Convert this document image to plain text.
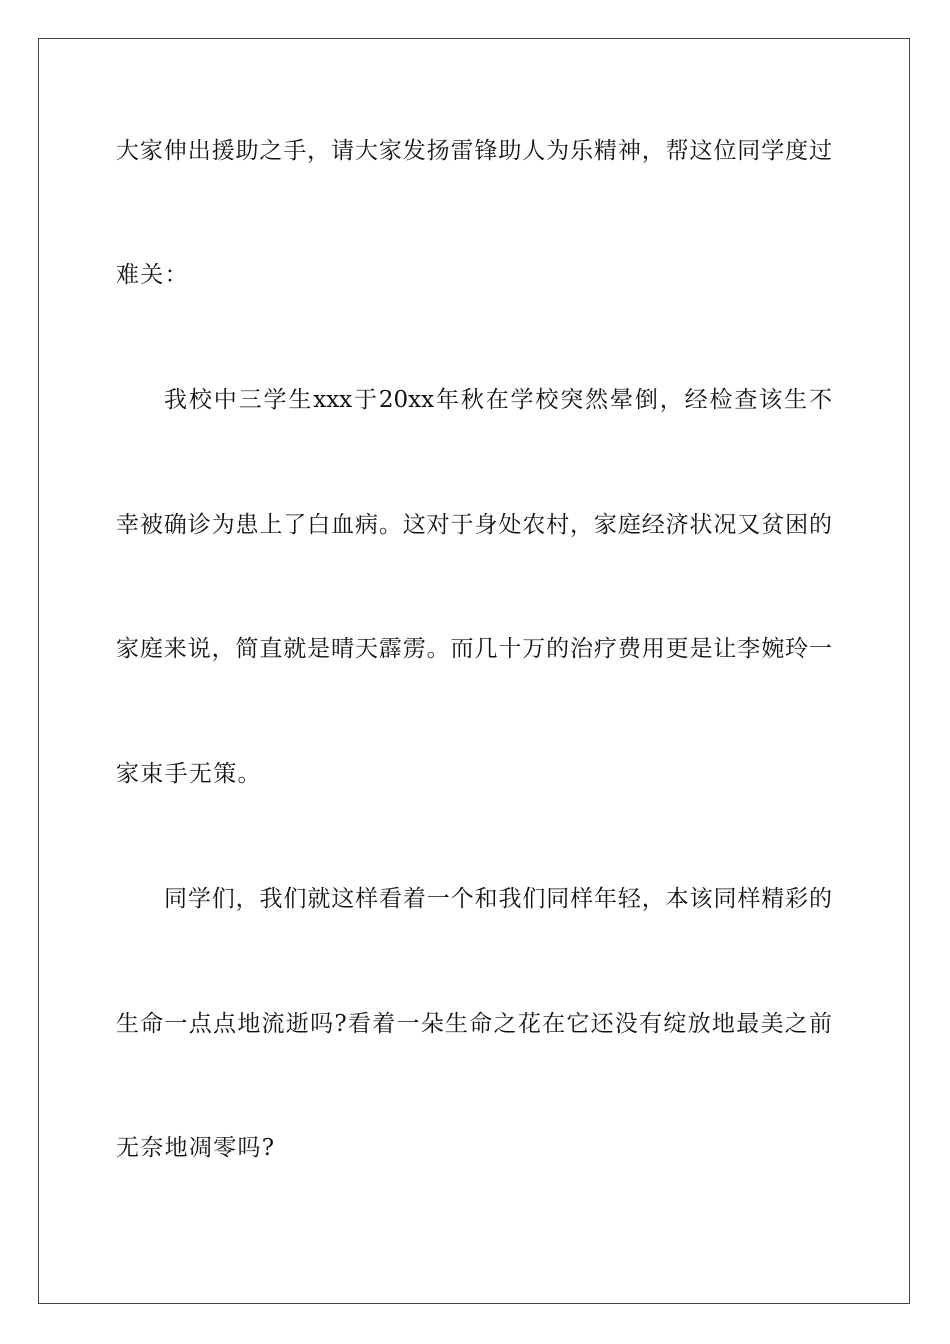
大家伸出援助之手，请大家发扬雷锋助人为乐精神，帮这位同学度过
难关：
我校中三学生xxx于20xx年秋在学校突然晕倒，经检查该生不
幸被确诊为患上了白血病。这对于身处农村，家庭经济状况又贫困的
家庭来说，简直就是晴天霹雳。而几十万的治疗费用更是让李婉玲一
家束手无策。
同学们，我们就这样看着一个和我们同样年轻，本该同样精彩的
生命一点点地流逝吗?看着一朵生命之花在它还没有绽放地最美之前
无奈地凋零吗?
